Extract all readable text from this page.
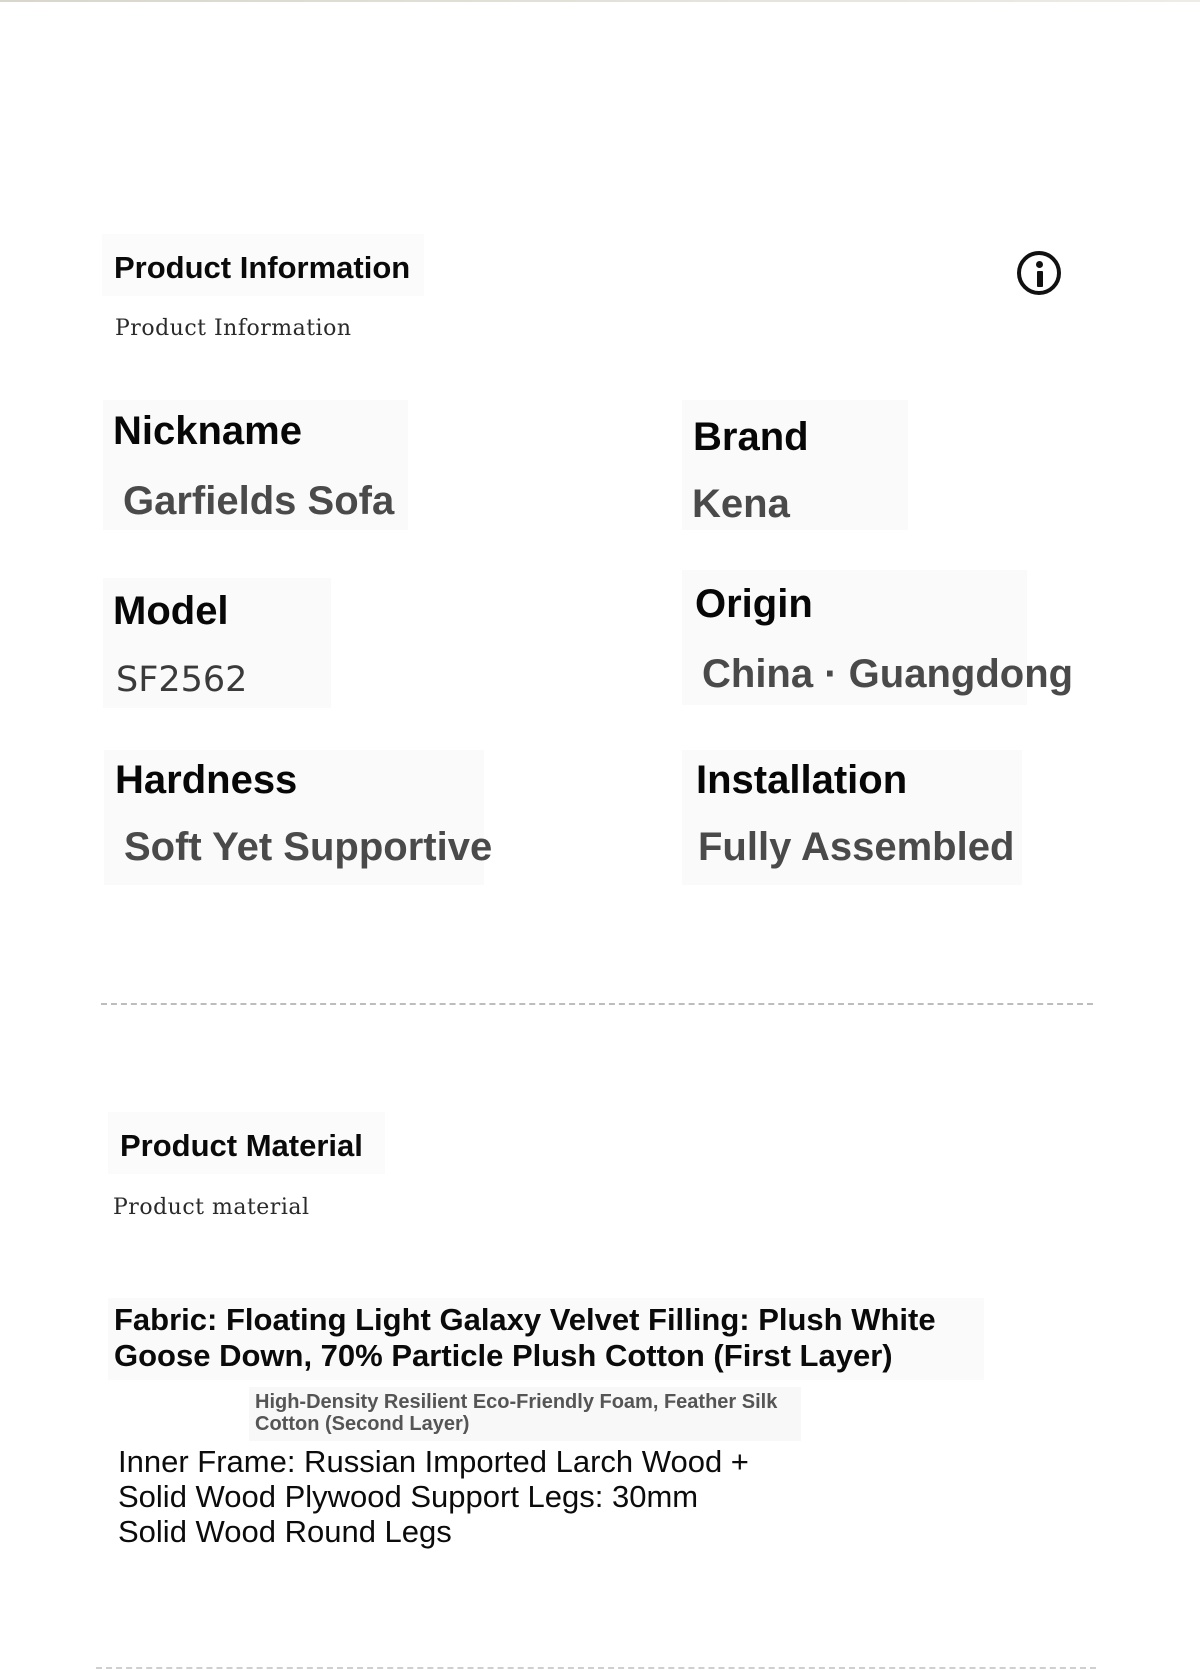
Product Information
Product Information
Nickname
Garfields Sofa
Brand
Kena
Model
SF2562
Origin
China · Guangdong
Hardness
Soft Yet Supportive
Installation
Fully Assembled
Product Material
Product material
Fabric: Floating Light Galaxy Velvet Filling: Plush White
Goose Down, 70% Particle Plush Cotton (First Layer)
High-Density Resilient Eco-Friendly Foam, Feather Silk
Cotton (Second Layer)
Inner Frame: Russian Imported Larch Wood +
Solid Wood Plywood Support Legs: 30mm
Solid Wood Round Legs
